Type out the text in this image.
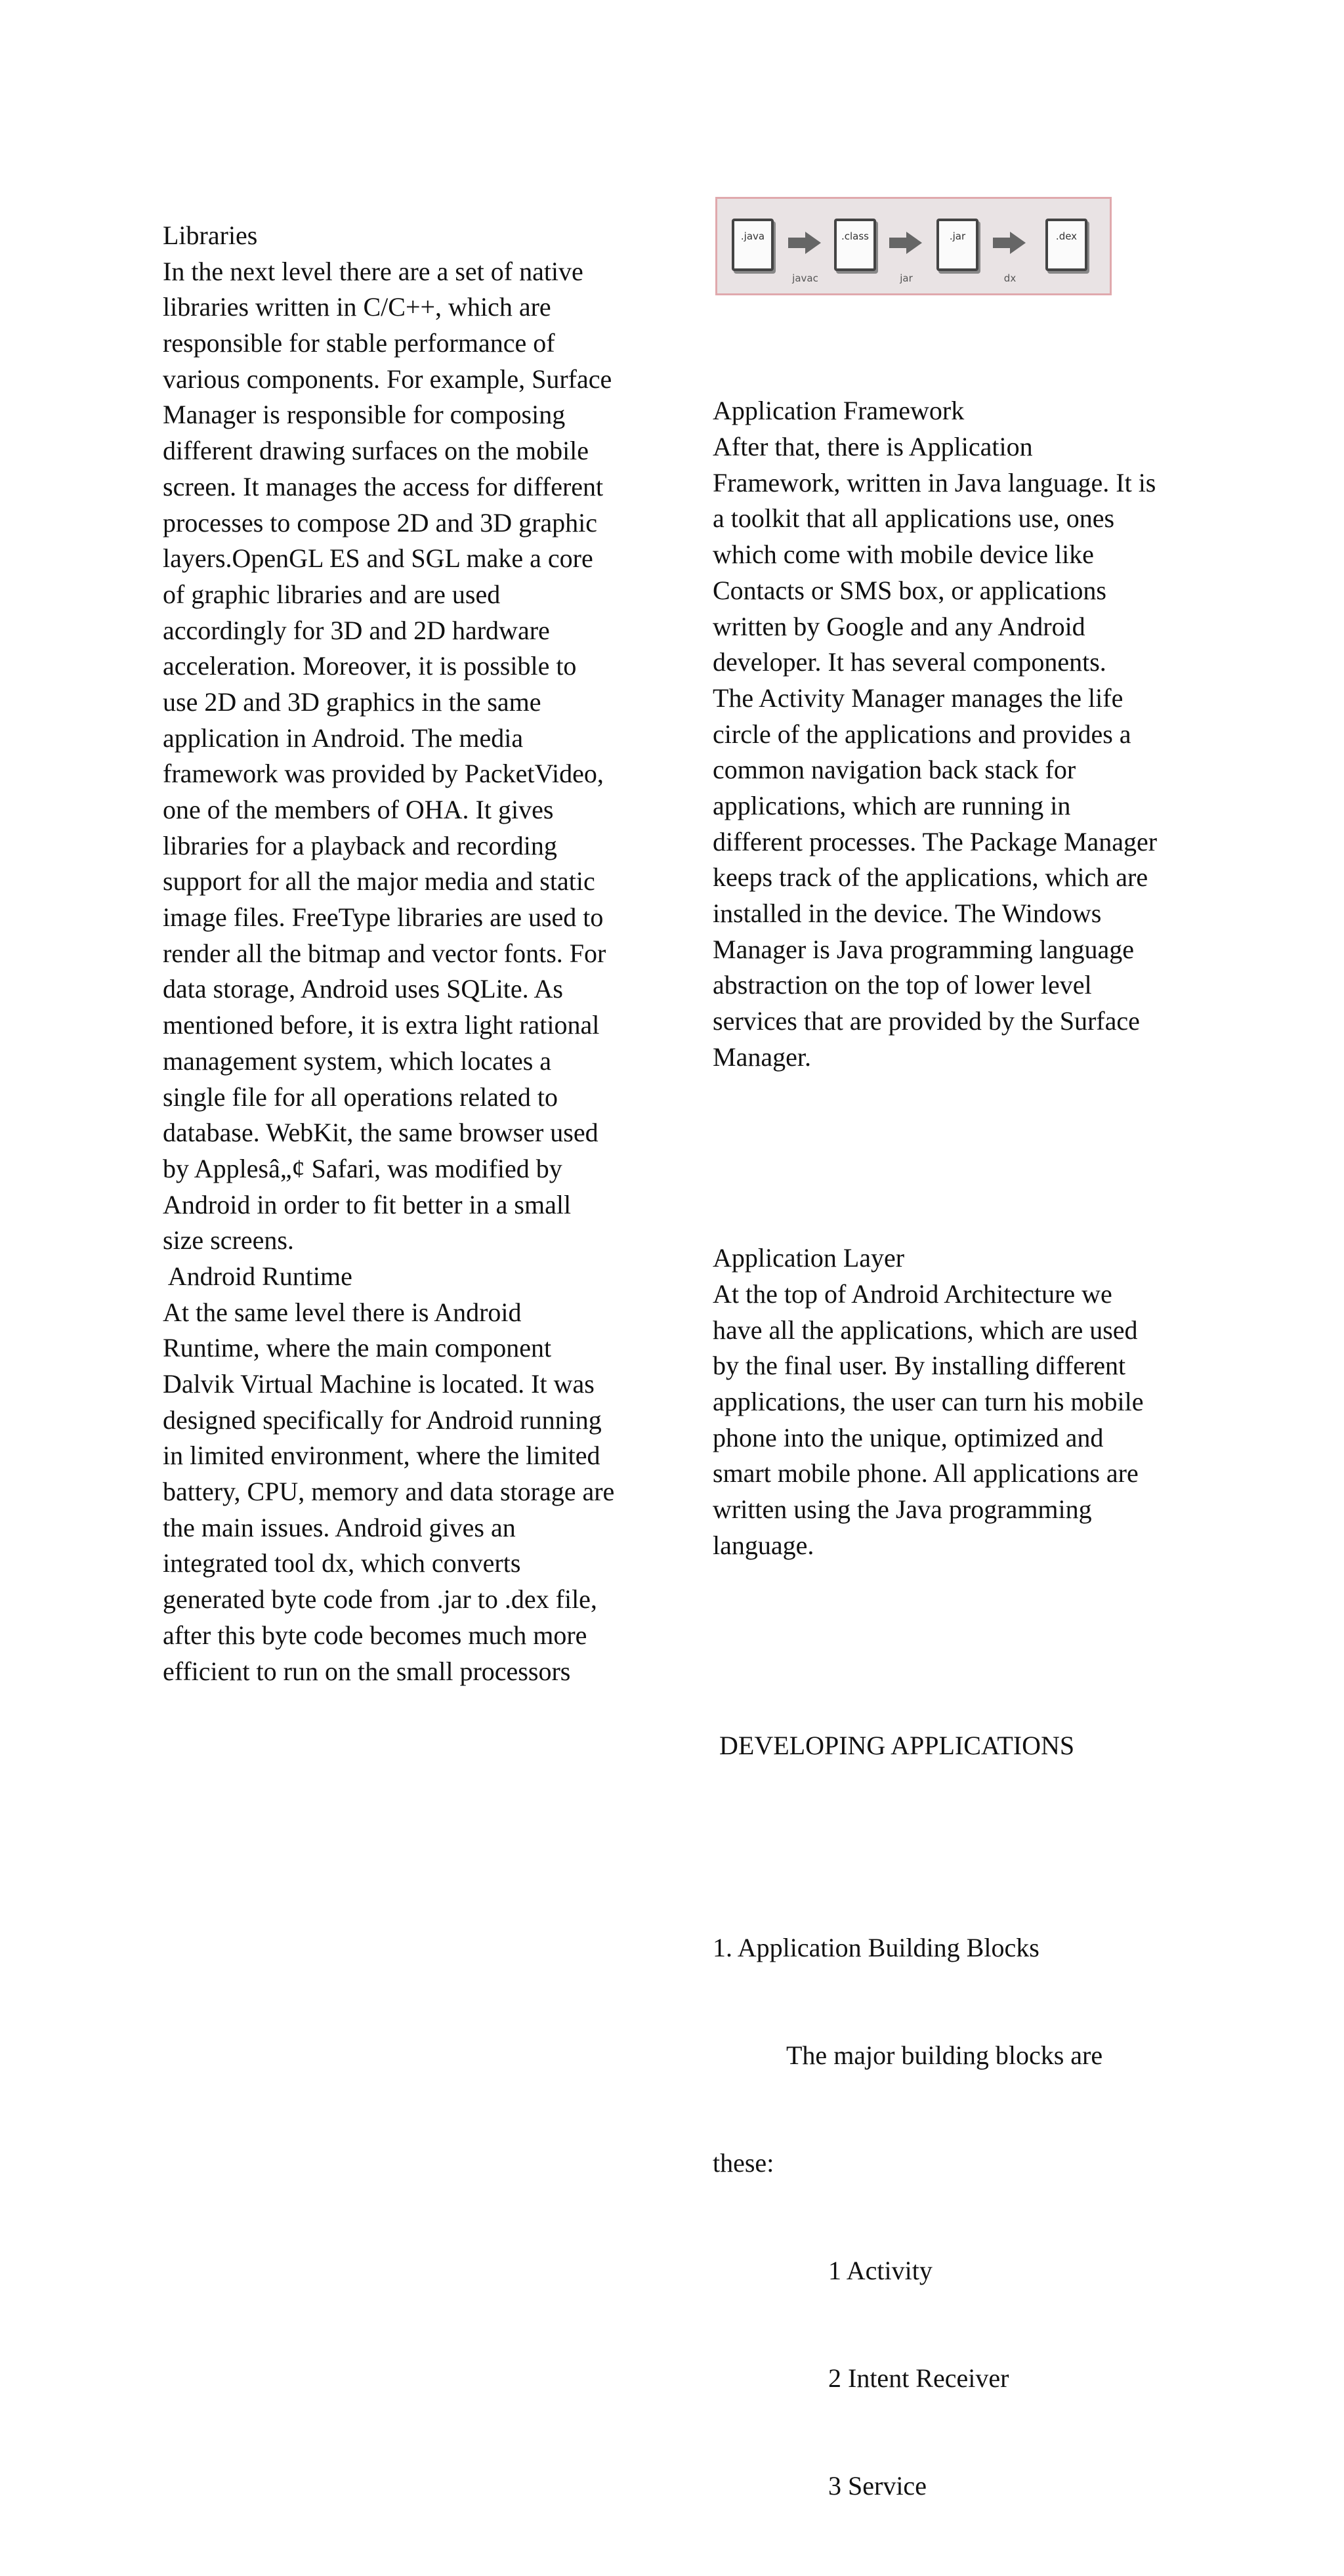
.java
javac
.class
jar
.jar
dx
.dex
Libraries
In the next level there are a set of native
libraries written in C/C++, which are
responsible for stable performance of
various components. For example, Surface
Manager is responsible for composing
different drawing surfaces on the mobile
screen. It manages the access for different
processes to compose 2D and 3D graphic
layers.OpenGL ES and SGL make a core
of graphic libraries and are used
accordingly for 3D and 2D hardware
acceleration. Moreover, it is possible to
use 2D and 3D graphics in the same
application in Android. The media
framework was provided by PacketVideo,
one of the members of OHA. It gives
libraries for a playback and recording
support for all the major media and static
image files. FreeType libraries are used to
render all the bitmap and vector fonts. For
data storage, Android uses SQLite. As
mentioned before, it is extra light rational
management system, which locates a
single file for all operations related to
database. WebKit, the same browser used
by Applesâ„¢ Safari, was modified by
Android in order to fit better in a small
size screens.
Android Runtime
At the same level there is Android
Runtime, where the main component
Dalvik Virtual Machine is located. It was
designed specifically for Android running
in limited environment, where the limited
battery, CPU, memory and data storage are
the main issues. Android gives an
integrated tool dx, which converts
generated byte code from .jar to .dex file,
after this byte code becomes much more
efficient to run on the small processors

Application Framework
After that, there is Application
Framework, written in Java language. It is
a toolkit that all applications use, ones
which come with mobile device like
Contacts or SMS box, or applications
written by Google and any Android
developer. It has several components.
The Activity Manager manages the life
circle of the applications and provides a
common navigation back stack for
applications, which are running in
different processes. The Package Manager
keeps track of the applications, which are
installed in the device. The Windows
Manager is Java programming language
abstraction on the top of lower level
services that are provided by the Surface
Manager.

Application Layer
At the top of Android Architecture we
have all the applications, which are used
by the final user. By installing different
applications, the user can turn his mobile
phone into the unique, optimized and
smart mobile phone. All applications are
written using the Java programming
language.

DEVELOPING APPLICATIONS

1. Application Building Blocks

The major building blocks are

these:

1 Activity

2 Intent Receiver

3 Service
